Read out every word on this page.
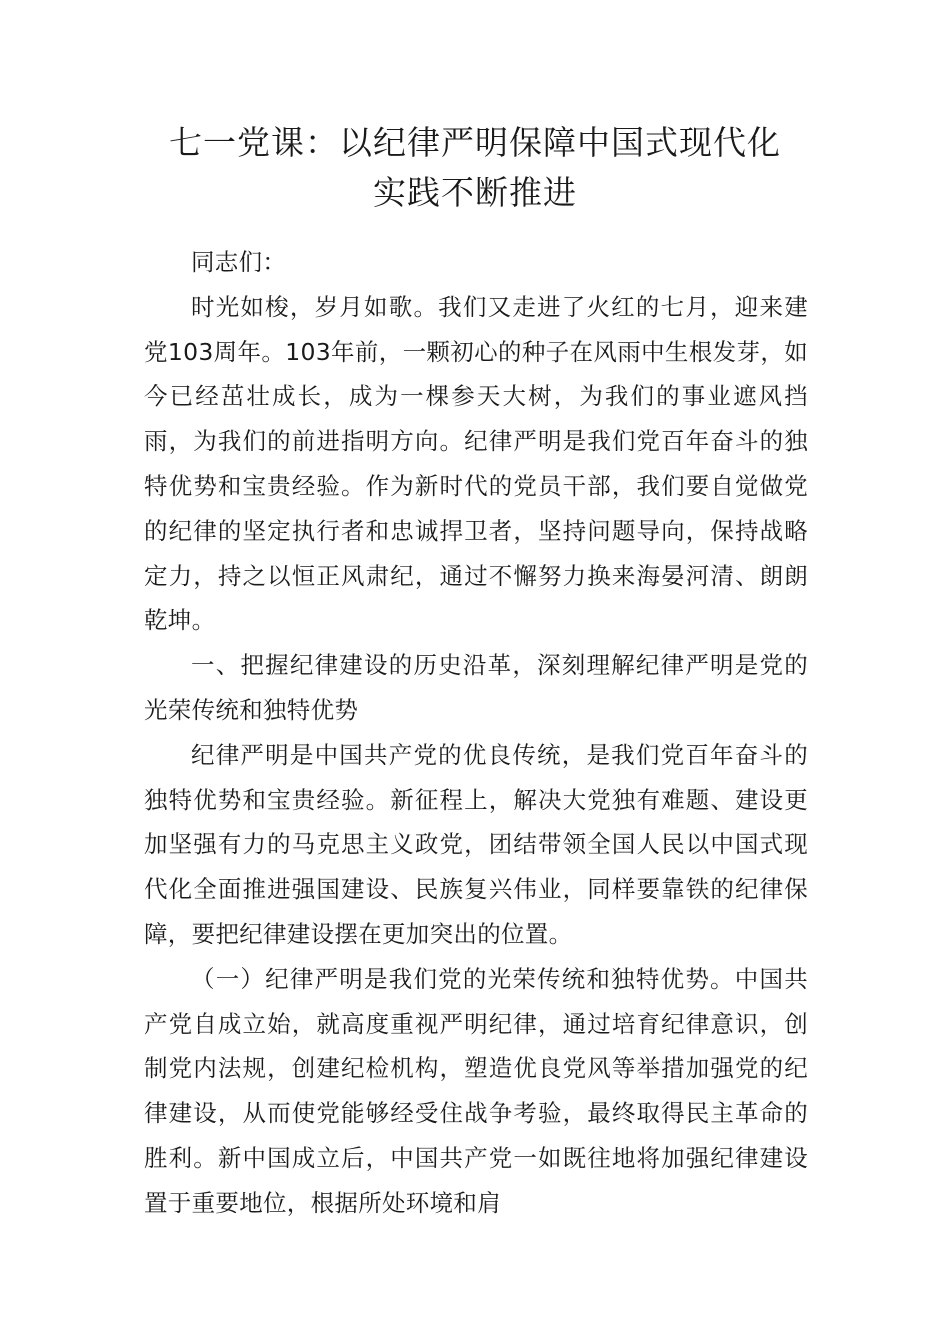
七一党课：以纪律严明保障中国式现代化
实践不断推进

同志们：

时光如梭，岁月如歌。我们又走进了火红的七月，迎来建党103周年。103年前，一颗初心的种子在风雨中生根发芽，如今已经茁壮成长，成为一棵参天大树，为我们的事业遮风挡雨，为我们的前进指明方向。纪律严明是我们党百年奋斗的独特优势和宝贵经验。作为新时代的党员干部，我们要自觉做党的纪律的坚定执行者和忠诚捍卫者，坚持问题导向，保持战略定力，持之以恒正风肃纪，通过不懈努力换来海晏河清、朗朗乾坤。

一、把握纪律建设的历史沿革，深刻理解纪律严明是党的光荣传统和独特优势

纪律严明是中国共产党的优良传统，是我们党百年奋斗的独特优势和宝贵经验。新征程上，解决大党独有难题、建设更加坚强有力的马克思主义政党，团结带领全国人民以中国式现代化全面推进强国建设、民族复兴伟业，同样要靠铁的纪律保障，要把纪律建设摆在更加突出的位置。

（一）纪律严明是我们党的光荣传统和独特优势。中国共产党自成立始，就高度重视严明纪律，通过培育纪律意识，创制党内法规，创建纪检机构，塑造优良党风等举措加强党的纪律建设，从而使党能够经受住战争考验，最终取得民主革命的胜利。新中国成立后，中国共产党一如既往地将加强纪律建设置于重要地位，根据所处环境和肩
